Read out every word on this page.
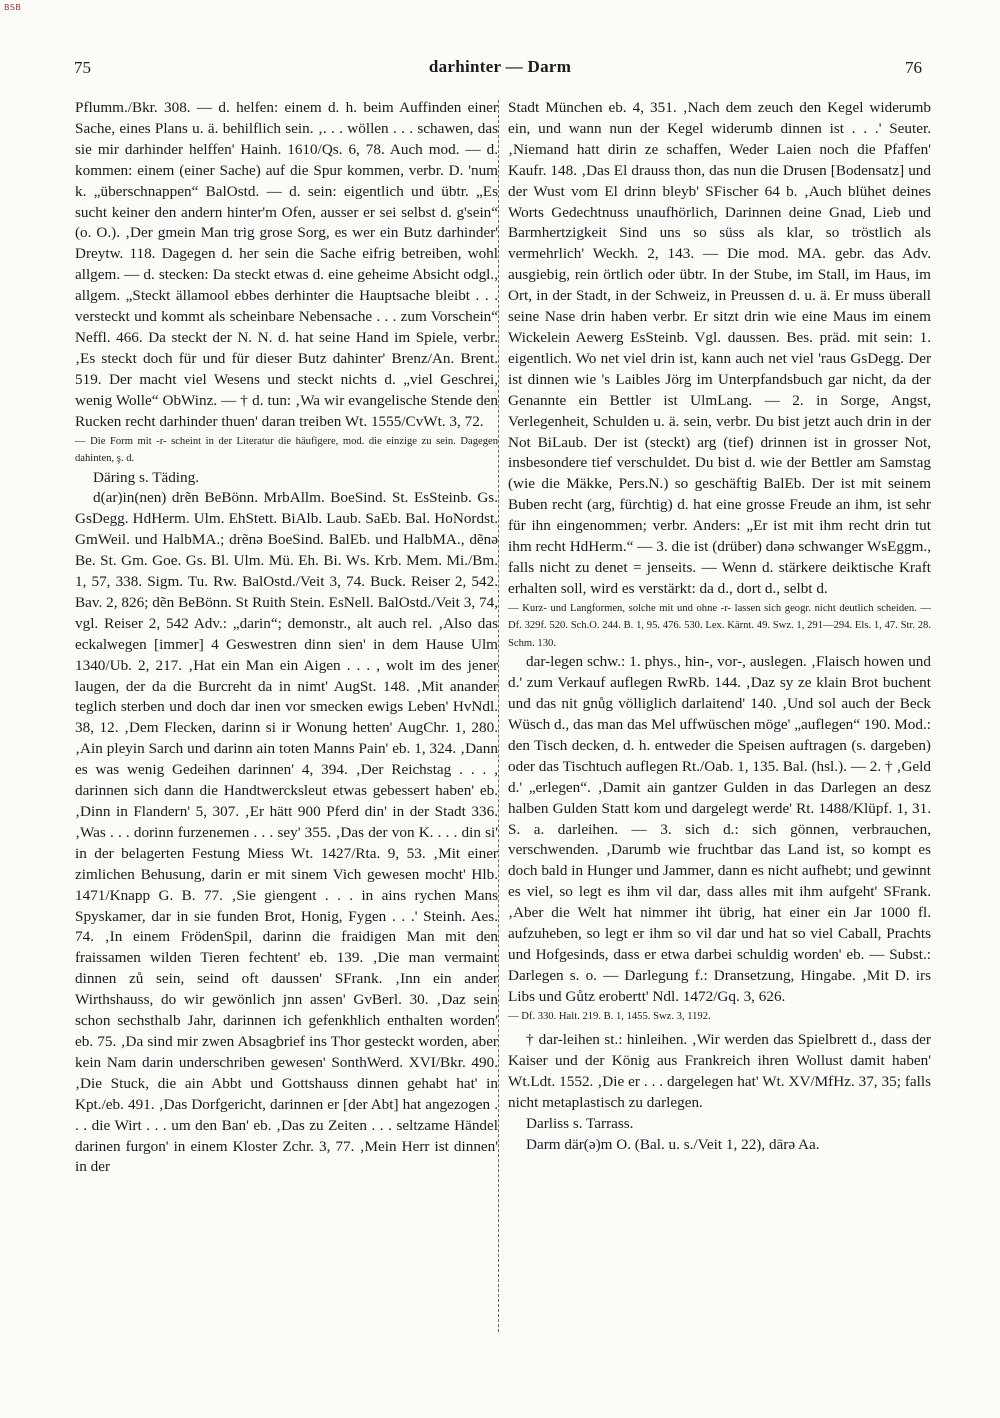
BSB
75	darhinter — Darm	76

Pflumm./Bkr. 308. — d. helfen: einem d. h. beim Auffinden einer Sache, eines Plans u. ä. behilflich sein. ‚. . . wöllen . . . schawen, das sie mir darhinder helffen' Hainh. 1610/Qs. 6, 78. Auch mod. — d. kommen: einem (einer Sache) auf die Spur kommen, verbr. D. 'num k. „überschnappen“ BalOstd. — d. sein: eigentlich und übtr. „Es sucht keiner den andern hinter'm Ofen, ausser er sei selbst d. g'sein“ (o. O.). ‚Der gmein Man trig grose Sorg, es wer ein Butz darhinder' Dreytw. 118. Dagegen d. her sein die Sache eifrig betreiben, wohl allgem. — d. stecken: Da steckt etwas d. eine geheime Absicht odgl., allgem. „Steckt ällamool ebbes derhinter die Hauptsache bleibt . . . versteckt und kommt als scheinbare Nebensache . . . zum Vorschein“ Neffl. 466. Da steckt der N. N. d. hat seine Hand im Spiele, verbr. ‚Es steckt doch für und für dieser Butz dahinter' Brenz/An. Brent. 519. Der macht viel Wesens und steckt nichts d. „viel Geschrei, wenig Wolle“ ObWinz. — † d. tun: ‚Wa wir evangelische Stende den Rucken recht darhinder thuen' daran treiben Wt. 1555/CvWt. 3, 72.

— Die Form mit -r- scheint in der Literatur die häufigere, mod. die einzige zu sein. Dagegen dahinten, ş. d.

Däring s. Täding.

d(ar)in(nen) drẽn BeBönn. MrbAllm. BoeSind. St. EsSteinb. Gs. GsDegg. HdHerm. Ulm. EhStett. BiAlb. Laub. SaEb. Bal. HoNordst. GmWeil. und HalbMA.; drẽnə BoeSind. BalEb. und HalbMA., dẽnə Be. St. Gm. Goe. Gs. Bl. Ulm. Mü. Eh. Bi. Ws. Krb. Mem. Mi./Bm. 1, 57, 338. Sigm. Tu. Rw. BalOstd./Veit 3, 74. Buck. Reiser 2, 542. Bav. 2, 826; dẽn BeBönn. St Ruith Stein. EsNell. BalOstd./Veit 3, 74, vgl. Reiser 2, 542 Adv.: „darin“; demonstr., alt auch rel. ‚Also das eckalwegen [immer] 4 Geswestren dinn sien' in dem Hause Ulm 1340/Ub. 2, 217. ‚Hat ein Man ein Aigen . . . , wolt im des jener laugen, der da die Burcreht da in nimt' AugSt. 148. ‚Mit anander teglich sterben und doch dar inen vor smecken ewigs Leben' HvNdl. 38, 12. ‚Dem Flecken, darinn si ir Wonung hetten' AugChr. 1, 280. ‚Ain pleyin Sarch und darinn ain toten Manns Pain' eb. 1, 324. ‚Dann es was wenig Gedeihen darinnen' 4, 394. ‚Der Reichstag . . . , darinnen sich dann die Handtwercksleut etwas gebessert haben' eb. ‚Dinn in Flandern' 5, 307. ‚Er hätt 900 Pferd din' in der Stadt 336. ‚Was . . . dorinn furzenemen . . . sey' 355. ‚Das der von K. . . . din si' in der belagerten Festung Miess Wt. 1427/Rta. 9, 53. ‚Mit einer zimlichen Behusung, darin er mit sinem Vich gewesen mocht' Hlb. 1471/Knapp G. B. 77. ‚Sie giengent . . . in ains rychen Mans Spyskamer, dar in sie funden Brot, Honig, Fygen . . .' Steinh. Aes. 74. ‚In einem FrödenSpil, darinn die fraidigen Man mit den fraissamen wilden Tieren fechtent' eb. 139. ‚Die man vermaint dinnen zů sein, seind oft daussen' SFrank. ‚Inn ein ander Wirthshauss, do wir gewönlich jnn assen' GvBerl. 30. ‚Daz sein schon sechsthalb Jahr, darinnen ich gefenkhlich enthalten worden' eb. 75. ‚Da sind mir zwen Absagbrief ins Thor gesteckt worden, aber kein Nam darin underschriben gewesen' SonthWerd. XVI/Bkr. 490. ‚Die Stuck, die ain Abbt und Gottshauss dinnen gehabt hat' in Kpt./eb. 491. ‚Das Dorfgericht, darinnen er [der Abt] hat angezogen . . . die Wirt . . . um den Ban' eb. ‚Das zu Zeiten . . . seltzame Händel darinen furgon' in einem Kloster Zchr. 3, 77. ‚Mein Herr ist dinnen' in der

Stadt München eb. 4, 351. ‚Nach dem zeuch den Kegel widerumb ein, und wann nun der Kegel widerumb dinnen ist . . .' Seuter. ‚Niemand hatt dirin ze schaffen, Weder Laien noch die Pfaffen' Kaufr. 148. ‚Das El drauss thon, das nun die Drusen [Bodensatz] und der Wust vom El drinn bleyb' SFischer 64 b. ‚Auch blühet deines Worts Gedechtnuss unaufhörlich, Darinnen deine Gnad, Lieb und Barmhertzigkeit Sind uns so süss als klar, so tröstlich als vermehrlich' Weckh. 2, 143. — Die mod. MA. gebr. das Adv. ausgiebig, rein örtlich oder übtr. In der Stube, im Stall, im Haus, im Ort, in der Stadt, in der Schweiz, in Preussen d. u. ä. Er muss überall seine Nase drin haben verbr. Er sitzt drin wie eine Maus im einem Wickelein Aewerg EsSteinb. Vgl. daussen. Bes. präd. mit sein: 1. eigentlich. Wo net viel drin ist, kann auch net viel 'raus GsDegg. Der ist dinnen wie 's Laibles Jörg im Unterpfandsbuch gar nicht, da der Genannte ein Bettler ist UlmLang. — 2. in Sorge, Angst, Verlegenheit, Schulden u. ä. sein, verbr. Du bist jetzt auch drin in der Not BiLaub. Der ist (steckt) arg (tief) drinnen ist in grosser Not, insbesondere tief verschuldet. Du bist d. wie der Bettler am Samstag (wie die Mäkke, Pers.N.) so geschäftig BalEb. Der ist mit seinem Buben recht (arg, fürchtig) d. hat eine grosse Freude an ihm, ist sehr für ihn eingenommen; verbr. Anders: „Er ist mit ihm recht drin tut ihm recht HdHerm.“ — 3. die ist (drüber) dənə schwanger WsEggm., falls nicht zu denet = jenseits. — Wenn d. stärkere deiktische Kraft erhalten soll, wird es verstärkt: da d., dort d., selbt d.

— Kurz- und Langformen, solche mit und ohne -r- lassen sich geogr. nicht deutlich scheiden. — Df. 329f. 520. Sch.O. 244. B. 1, 95. 476. 530. Lex. Kärnt. 49. Swz. 1, 291—294. Els. 1, 47. Str. 28. Schm. 130.

dar-legen schw.: 1. phys., hin-, vor-, auslegen. ‚Flaisch howen und d.' zum Verkauf auflegen RwRb. 144. ‚Daz sy ze klain Brot buchent und das nit gnůg völliglich darlaitend' 140. ‚Und sol auch der Beck Wüsch d., das man das Mel uffwüschen möge' „auflegen“ 190. Mod.: den Tisch decken, d. h. entweder die Speisen auftragen (s. dargeben) oder das Tischtuch auflegen Rt./Oab. 1, 135. Bal. (hsl.). — 2. † ‚Geld d.' „erlegen“. ‚Damit ain gantzer Gulden in das Darlegen an desz halben Gulden Statt kom und dargelegt werde' Rt. 1488/Klüpf. 1, 31. S. a. darleihen. — 3. sich d.: sich gönnen, verbrauchen, verschwenden. ‚Darumb wie fruchtbar das Land ist, so kompt es doch bald in Hunger und Jammer, dann es nicht aufhebt; und gewinnt es viel, so legt es ihm vil dar, dass alles mit ihm aufgeht' SFrank. ‚Aber die Welt hat nimmer iht übrig, hat einer ein Jar 1000 fl. aufzuheben, so legt er ihm so vil dar und hat so viel Caball, Prachts und Hofgesinds, dass er etwa darbei schuldig worden' eb. — Subst.: Darlegen s. o. — Darlegung f.: Dransetzung, Hingabe. ‚Mit D. irs Libs und Gůtz erobertt' Ndl. 1472/Gq. 3, 626.

— Df. 330. Halt. 219. B. 1, 1455. Swz. 3, 1192.

† dar-leihen st.: hinleihen. ‚Wir werden das Spielbrett d., dass der Kaiser und der König aus Frankreich ihren Wollust damit haben' Wt.Ldt. 1552. ‚Die er . . . dargelegen hat' Wt. XV/MfHz. 37, 35; falls nicht metaplastisch zu darlegen.

Darliss s. Tarrass.

Darm där(ə)m O. (Bal. u. s./Veit 1, 22), dārə Aa.
